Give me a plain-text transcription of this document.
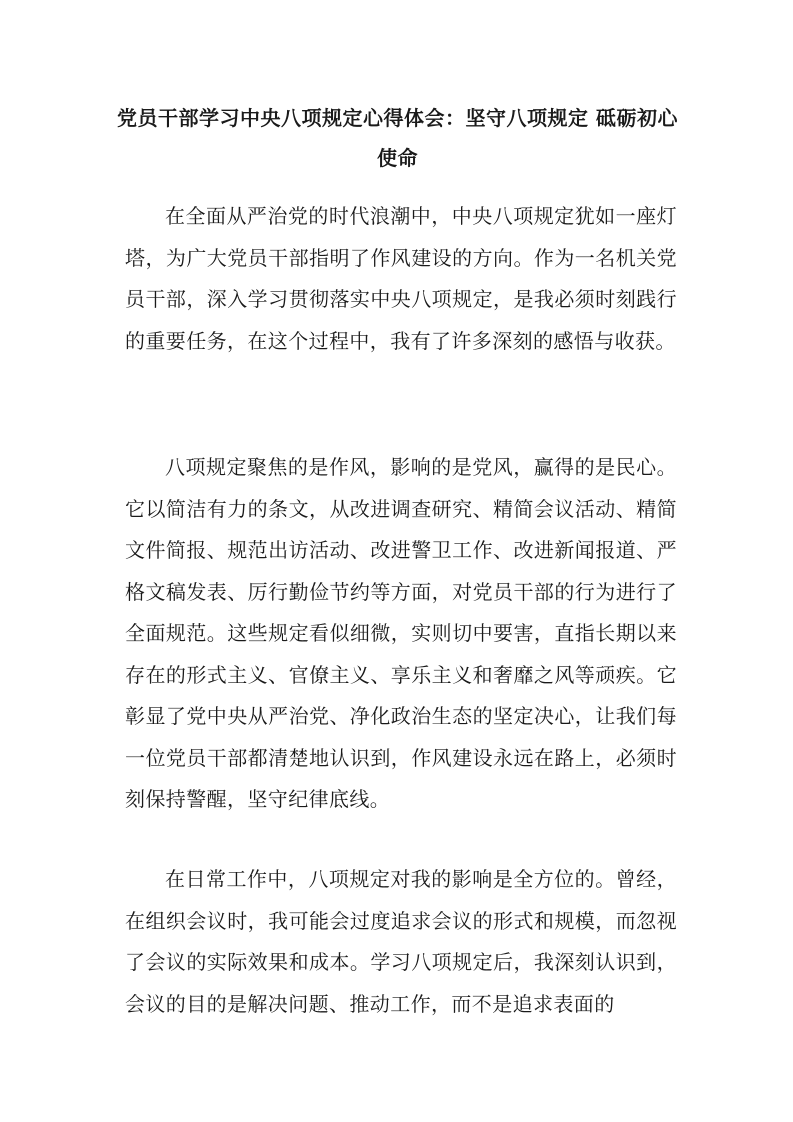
党员干部学习中央八项规定心得体会：坚守八项规定 砥砺初心使命

在全面从严治党的时代浪潮中，中央八项规定犹如一座灯塔，为广大党员干部指明了作风建设的方向。作为一名机关党员干部，深入学习贯彻落实中央八项规定，是我必须时刻践行的重要任务，在这个过程中，我有了许多深刻的感悟与收获。

八项规定聚焦的是作风，影响的是党风，赢得的是民心。它以简洁有力的条文，从改进调查研究、精简会议活动、精简文件简报、规范出访活动、改进警卫工作、改进新闻报道、严格文稿发表、厉行勤俭节约等方面，对党员干部的行为进行了全面规范。这些规定看似细微，实则切中要害，直指长期以来存在的形式主义、官僚主义、享乐主义和奢靡之风等顽疾。它彰显了党中央从严治党、净化政治生态的坚定决心，让我们每一位党员干部都清楚地认识到，作风建设永远在路上，必须时刻保持警醒，坚守纪律底线。

在日常工作中，八项规定对我的影响是全方位的。曾经，在组织会议时，我可能会过度追求会议的形式和规模，而忽视了会议的实际效果和成本。学习八项规定后，我深刻认识到，会议的目的是解决问题、推动工作，而不是追求表面的
